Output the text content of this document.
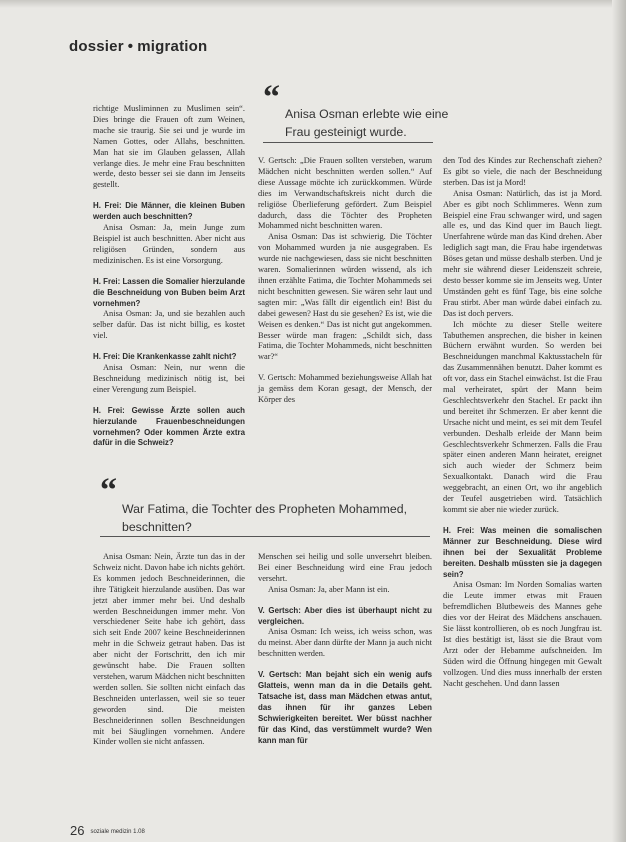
dossier • migration
“ Anisa Osman erlebte wie eine Frau gesteinigt wurde.

richtige Musliminnen zu Muslimen sein“. Dies bringe die Frauen oft zum Weinen, mache sie traurig. Sie sei und je wurde im Namen Gottes, oder Allahs, beschnitten. Man hat sie im Glauben gelassen, Allah verlange dies. Je mehr eine Frau beschnitten werde, desto besser sei sie dann im Jenseits gestellt.

H. Frei: Die Männer, die kleinen Buben werden auch beschnitten?

Anisa Osman: Ja, mein Junge zum Beispiel ist auch beschnitten. Aber nicht aus religiösen Gründen, sondern aus medizinischen. Es ist eine Vorsorgung.

H. Frei: Lassen die Somalier hierzulande die Beschneidung von Buben beim Arzt vornehmen?

Anisa Osman: Ja, und sie bezahlen auch selber dafür. Das ist nicht billig, es kostet viel.

H. Frei: Die Krankenkasse zahlt nicht?

Anisa Osman: Nein, nur wenn die Beschneidung medizinisch nötig ist, bei einer Verengung zum Beispiel.

H. Frei: Gewisse Ärzte sollen auch hierzulande Frauenbeschneidungen vornehmen? Oder kommen Ärzte extra dafür in die Schweiz?

V. Gertsch: „Die Frauen sollten versteben, warum Mädchen nicht beschnitten werden sollen.“ Auf diese Aussage möchte ich zurückkommen. Würde dies im Verwandtschaftskreis nicht durch die religiöse Überlieferung gefördert. Zum Beispiel dadurch, dass die Töchter des Propheten Mohammed nicht beschnitten waren.

Anisa Osman: Das ist schwierig. Die Töchter von Mohammed wurden ja nie ausgegraben. Es wurde nie nachgewiesen, dass sie nicht beschnitten waren. Somalierinnen würden wissend, als ich ihnen erzählte Fatima, die Tochter Mohammeds sei nicht beschnitten gewesen. Sie wären sehr laut und sagten mir: „Was fällt dir eigentlich ein! Bist du dabei gewesen? Hast du sie gesehen? Es ist, wie die Weisen es denken.“ Das ist nicht gut angekommen. Besser würde man fragen: „Schildt sich, dass Fatima, die Tochter Mohammeds, nicht beschnitten war?“

V. Gertsch: Mohammed beziehungsweise Allah hat ja gemäss dem Koran gesagt, der Mensch, der Körper des

den Tod des Kindes zur Rechenschaft ziehen? Es gibt so viele, die nach der Beschneidung sterben. Das ist ja Mord!

Anisa Osman: Natürlich, das ist ja Mord. Aber es gibt noch Schlimmeres. Wenn zum Beispiel eine Frau schwanger wird, und sagen alle es, und das Kind quer im Bauch liegt. Unerfahrene würde man das Kind drehen. Aber lediglich sagt man, die Frau habe irgendetwas Böses getan und müsse deshalb sterben. Und je mehr sie während dieser Leidenszeit schreie, desto besser komme sie im Jenseits weg. Unter Umständen geht es fünf Tage, bis eine solche Frau stirbt. Aber man würde dabei einfach zu. Das ist doch pervers.

Ich möchte zu dieser Stelle weitere Tabuthemen ansprechen, die bisher in keinen Büchern erwähnt wurden. So werden bei Beschneidungen manchmal Kaktusstacheln für das Zusammennähen benutzt. Daher kommt es oft vor, dass ein Stachel einwächst. Ist die Frau mal verheiratet, spürt der Mann beim Geschlechtsverkehr den Stachel. Er packt ihn und bereitet ihr Schmerzen. Er aber kennt die Ursache nicht und meint, es sei mit dem Teufel verbunden. Deshalb erleide der Mann beim Geschlechtsverkehr Schmerzen. Falls die Frau später einen anderen Mann heiratet, ereignet sich auch wieder der Schmerz beim Sexualkontakt. Danach wird die Frau weggebracht, an einen Ort, wo ihr angeblich der Teufel ausgetrieben wird. Tatsächlich kommt sie aber nie wieder zurück.

H. Frei: Was meinen die somalischen Männer zur Beschneidung. Diese wird ihnen bei der Sexualität Probleme bereiten. Deshalb müssten sie ja dagegen sein?

Anisa Osman: Im Norden Somalias warten die Leute immer etwas mit Frauen befremdlichen Blutbeweis des Mannes gehe dies vor der Heirat des Mädchens anschauen. Sie lässt kontrollieren, ob es noch Jungfrau ist. Ist dies bestätigt ist, lässt sie die Braut vom Arzt oder der Hebamme aufschneiden. Im Süden wird die Öffnung hingegen mit Gewalt vollzogen. Und dies muss innerhalb der ersten Nacht geschehen. Und dann lassen

“ War Fatima, die Tochter des Propheten Mohammed, beschnitten?

Anisa Osman: Nein, Ärzte tun das in der Schweiz nicht. Davon habe ich nichts gehört. Es kommen jedoch Beschneiderinnen, die ihre Tätigkeit hierzulande ausüben. Das war jetzt aber immer mehr bei. Und deshalb werden Beschneidungen immer mehr. Von verschiedener Seite habe ich gehört, dass sich seit Ende 2007 keine Beschneiderinnen mehr in die Schweiz getraut haben. Das ist aber nicht der Fortschritt, den ich mir gewünscht habe. Die Frauen sollten verstehen, warum Mädchen nicht beschnitten werden sollen. Sie sollten nicht einfach das Beschneiden unterlassen, weil sie so teuer geworden sind. Die meisten Beschneiderinnen sollen Beschneidungen mit bei Säuglingen vornehmen. Andere Kinder wollen sie nicht anfassen.

Menschen sei heilig und solle unversehrt bleiben. Bei einer Beschneidung wird eine Frau jedoch versehrt.

Anisa Osman: Ja, aber Mann ist ein.

V. Gertsch: Aber dies ist überhaupt nicht zu vergleichen.

Anisa Osman: Ich weiss, ich weiss schon, was du meinst. Aber dann dürfte der Mann ja auch nicht beschnitten werden.

V. Gertsch: Man bejaht sich ein wenig aufs Glatteis, wenn man da in die Details geht. Tatsache ist, dass man Mädchen etwas antut, das ihnen für ihr ganzes Leben Schwierigkeiten bereitet. Wer büsst nachher für das Kind, das verstümmelt wurde? Wen kann man für

26 soziale medizin 1.08
